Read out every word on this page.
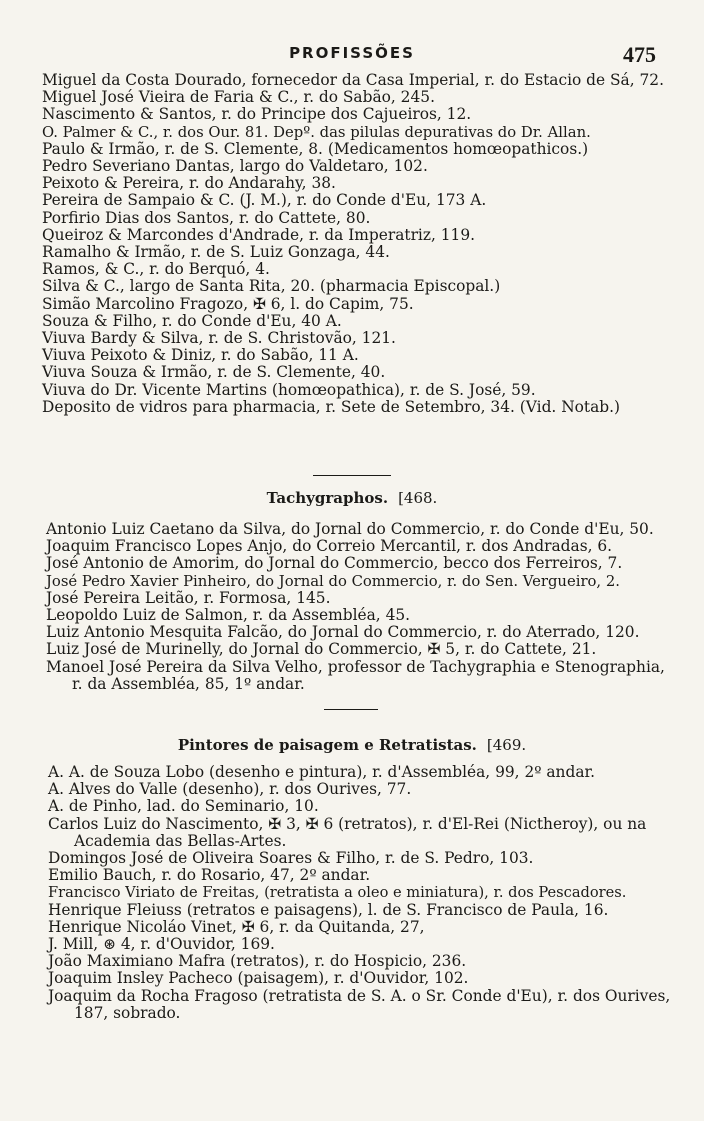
PROFISSÕES	475
Miguel da Costa Dourado, fornecedor da Casa Imperial, r. do Estacio de Sá, 72.
Miguel José Vieira de Faria & C., r. do Sabão, 245.
Nascimento & Santos, r. do Principe dos Cajueiros, 12.
O. Palmer & C., r. dos Our. 81. Depº. das pilulas depurativas do Dr. Allan.
Paulo & Irmão, r. de S. Clemente, 8. (Medicamentos homœopathicos.)
Pedro Severiano Dantas, largo do Valdetaro, 102.
Peixoto & Pereira, r. do Andarahy, 38.
Pereira de Sampaio & C. (J. M.), r. do Conde d'Eu, 173 A.
Porfirio Dias dos Santos, r. do Cattete, 80.
Queiroz & Marcondes d'Andrade, r. da Imperatriz, 119.
Ramalho & Irmão, r. de S. Luiz Gonzaga, 44.
Ramos, & C., r. do Berquó, 4.
Silva & C., largo de Santa Rita, 20. (pharmacia Episcopal.)
Simão Marcolino Fragozo, ✠ 6, l. do Capim, 75.
Souza & Filho, r. do Conde d'Eu, 40 A.
Viuva Bardy & Silva, r. de S. Christovão, 121.
Viuva Peixoto & Diniz, r. do Sabão, 11 A.
Viuva Souza & Irmão, r. de S. Clemente, 40.
Viuva do Dr. Vicente Martins (homœopathica), r. de S. José, 59.
Deposito de vidros para pharmacia, r. Sete de Setembro, 34. (Vid. Notab.)
Tachygraphos. [468.
Antonio Luiz Caetano da Silva, do Jornal do Commercio, r. do Conde d'Eu, 50.
Joaquim Francisco Lopes Anjo, do Correio Mercantil, r. dos Andradas, 6.
José Antonio de Amorim, do Jornal do Commercio, becco dos Ferreiros, 7.
José Pedro Xavier Pinheiro, do Jornal do Commercio, r. do Sen. Vergueiro, 2.
José Pereira Leitão, r. Formosa, 145.
Leopoldo Luiz de Salmon, r. da Assembléa, 45.
Luiz Antonio Mesquita Falcão, do Jornal do Commercio, r. do Aterrado, 120.
Luiz José de Murinelly, do Jornal do Commercio, ✠ 5, r. do Cattete, 21.
Manoel José Pereira da Silva Velho, professor de Tachygraphia e Stenographia, r. da Assembléa, 85, 1º andar.
Pintores de paisagem e Retratistas. [469.
A. A. de Souza Lobo (desenho e pintura), r. d'Assembléa, 99, 2º andar.
A. Alves do Valle (desenho), r. dos Ourives, 77.
A. de Pinho, lad. do Seminario, 10.
Carlos Luiz do Nascimento, ✠ 3, ✠ 6 (retratos), r. d'El-Rei (Nictheroy), ou na Academia das Bellas-Artes.
Domingos José de Oliveira Soares & Filho, r. de S. Pedro, 103.
Emilio Bauch, r. do Rosario, 47, 2º andar.
Francisco Viriato de Freitas, (retratista a oleo e miniatura), r. dos Pescadores.
Henrique Fleiuss (retratos e paisagens), l. de S. Francisco de Paula, 16.
Henrique Nicoláo Vinet, ✠ 6, r. da Quitanda, 27,
J. Mill, ⊛ 4, r. d'Ouvidor, 169.
João Maximiano Mafra (retratos), r. do Hospicio, 236.
Joaquim Insley Pacheco (paisagem), r. d'Ouvidor, 102.
Joaquim da Rocha Fragoso (retratista de S. A. o Sr. Conde d'Eu), r. dos Ourives, 187, sobrado.
